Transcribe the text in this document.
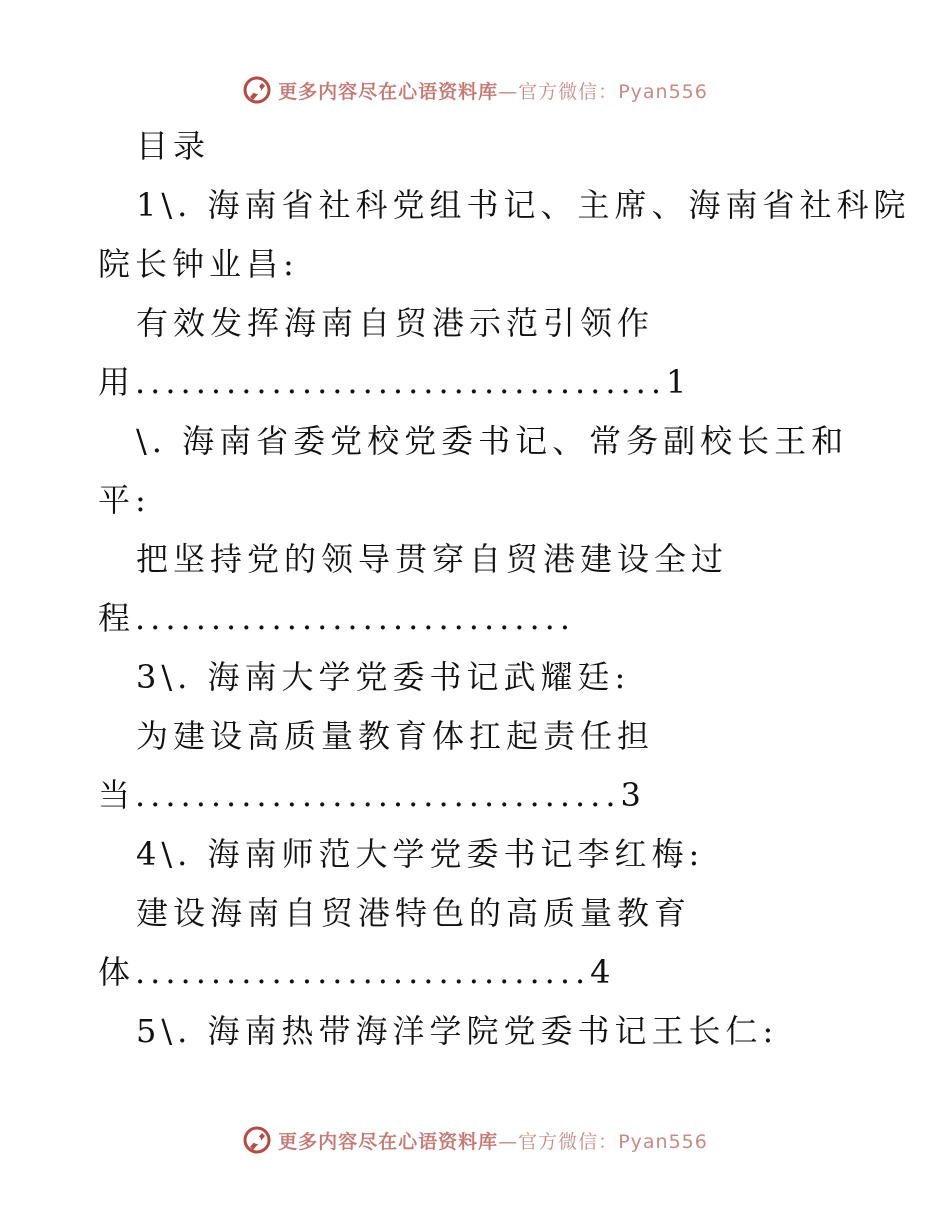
更多内容尽在心语资料库—官方微信：Pyan556
目录
1\. 海南省社科党组书记、主席、海南省社科院
院长钟业昌:
有效发挥海南自贸港示范引领作
用...................................1
\. 海南省委党校党委书记、常务副校长王和
平:
把坚持党的领导贯穿自贸港建设全过
程.............................
3\. 海南大学党委书记武耀廷:
为建设高质量教育体扛起责任担
当................................3
4\. 海南师范大学党委书记李红梅:
建设海南自贸港特色的高质量教育
体..............................4
5\. 海南热带海洋学院党委书记王长仁:
更多内容尽在心语资料库—官方微信：Pyan556
